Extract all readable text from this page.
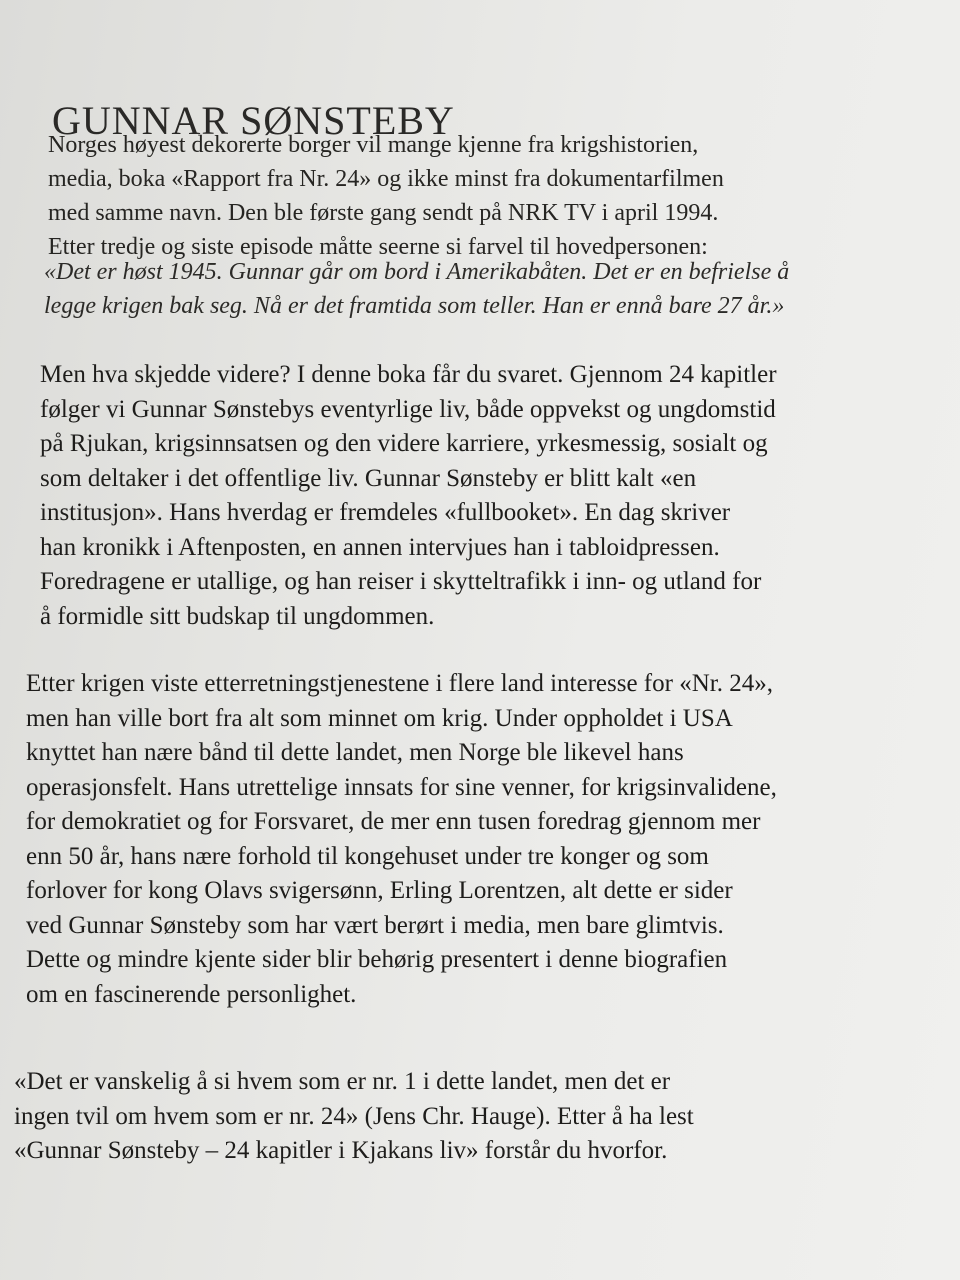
GUNNAR SØNSTEBY
Norges høyest dekorerte borger vil mange kjenne fra krigshistorien,
media, boka «Rapport fra Nr. 24» og ikke minst fra dokumentarfilmen
med samme navn. Den ble første gang sendt på NRK TV i april 1994.
Etter tredje og siste episode måtte seerne si farvel til hovedpersonen:
«Det er høst 1945. Gunnar går om bord i Amerikabåten. Det er en befrielse å
legge krigen bak seg. Nå er det framtida som teller. Han er ennå bare 27 år.»
Men hva skjedde videre? I denne boka får du svaret. Gjennom 24 kapitler
følger vi Gunnar Sønstebys eventyrlige liv, både oppvekst og ungdomstid
på Rjukan, krigsinnsatsen og den videre karriere, yrkesmessig, sosialt og
som deltaker i det offentlige liv. Gunnar Sønsteby er blitt kalt «en
institusjon». Hans hverdag er fremdeles «fullbooket». En dag skriver
han kronikk i Aftenposten, en annen intervjues han i tabloidpressen.
Foredragene er utallige, og han reiser i skytteltrafikk i inn- og utland for
å formidle sitt budskap til ungdommen.
Etter krigen viste etterretningstjenestene i flere land interesse for «Nr. 24»,
men han ville bort fra alt som minnet om krig. Under oppholdet i USA
knyttet han nære bånd til dette landet, men Norge ble likevel hans
operasjonsfelt. Hans utrettelige innsats for sine venner, for krigsinvalidene,
for demokratiet og for Forsvaret, de mer enn tusen foredrag gjennom mer
enn 50 år, hans nære forhold til kongehuset under tre konger og som
forlover for kong Olavs svigersønn, Erling Lorentzen, alt dette er sider
ved Gunnar Sønsteby som har vært berørt i media, men bare glimtvis.
Dette og mindre kjente sider blir behørig presentert i denne biografien
om en fascinerende personlighet.
«Det er vanskelig å si hvem som er nr. 1 i dette landet, men det er
ingen tvil om hvem som er nr. 24» (Jens Chr. Hauge). Etter å ha lest
«Gunnar Sønsteby – 24 kapitler i Kjakans liv» forstår du hvorfor.
